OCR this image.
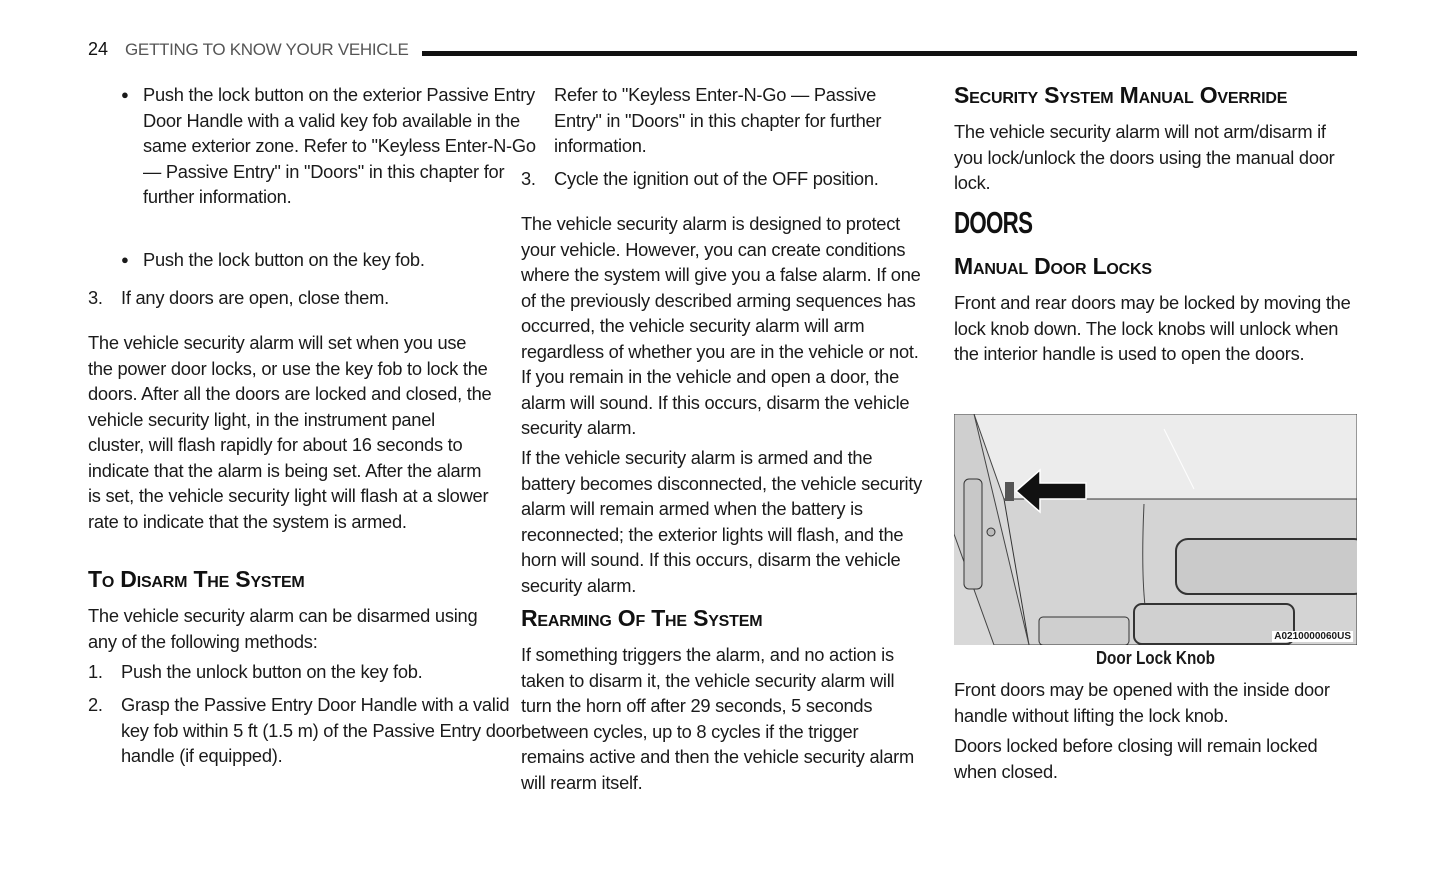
24 GETTING TO KNOW YOUR VEHICLE
● Push the lock button on the exterior Passive Entry Door Handle with a valid key fob available in the same exterior zone. Refer to "Keyless Enter-N-Go — Passive Entry" in "Doors" in this chapter for further information.
● Push the lock button on the key fob.
3. If any doors are open, close them.
The vehicle security alarm will set when you use the power door locks, or use the key fob to lock the doors. After all the doors are locked and closed, the vehicle security light, in the instrument panel cluster, will flash rapidly for about 16 seconds to indicate that the alarm is being set. After the alarm is set, the vehicle security light will flash at a slower rate to indicate that the system is armed.
To Disarm The System
The vehicle security alarm can be disarmed using any of the following methods:
1. Push the unlock button on the key fob.
2. Grasp the Passive Entry Door Handle with a valid key fob within 5 ft (1.5 m) of the Passive Entry door handle (if equipped).
Refer to "Keyless Enter-N-Go — Passive Entry" in "Doors" in this chapter for further information.
3. Cycle the ignition out of the OFF position.
The vehicle security alarm is designed to protect your vehicle. However, you can create conditions where the system will give you a false alarm. If one of the previously described arming sequences has occurred, the vehicle security alarm will arm regardless of whether you are in the vehicle or not. If you remain in the vehicle and open a door, the alarm will sound. If this occurs, disarm the vehicle security alarm.
If the vehicle security alarm is armed and the battery becomes disconnected, the vehicle security alarm will remain armed when the battery is reconnected; the exterior lights will flash, and the horn will sound. If this occurs, disarm the vehicle security alarm.
Rearming Of The System
If something triggers the alarm, and no action is taken to disarm it, the vehicle security alarm will turn the horn off after 29 seconds, 5 seconds between cycles, up to 8 cycles if the trigger remains active and then the vehicle security alarm will rearm itself.
Security System Manual Override
The vehicle security alarm will not arm/disarm if you lock/unlock the doors using the manual door lock.
DOORS
Manual Door Locks
Front and rear doors may be locked by moving the lock knob down. The lock knobs will unlock when the interior handle is used to open the doors.
A0210000060US
Door Lock Knob
Front doors may be opened with the inside door handle without lifting the lock knob.
Doors locked before closing will remain locked when closed.
